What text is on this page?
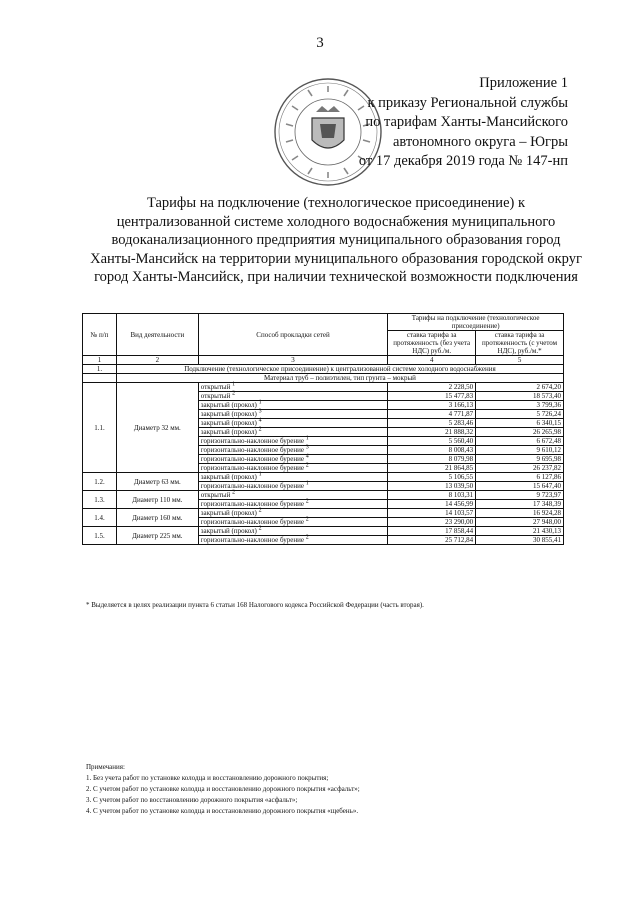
3
Приложение 1
к приказу Региональной службы
по тарифам Ханты-Мансийского
автономного округа – Югры
от 17 декабря 2019 года № 147-нп
Тарифы на подключение (технологическое присоединение) к централизованной системе холодного водоснабжения муниципального водоканализационного предприятия муниципального образования город Ханты-Мансийск на территории муниципального образования городской округ город Ханты-Мансийск, при наличии технической возможности подключения
№ п/п	Вид деятельности	Способ прокладки сетей	Тарифы на подключение (технологическое присоединение)	
			ставка тарифа за протяженность (без учета НДС) руб./м.	ставка тарифа за протяженность (с учетом НДС), руб./м.*
1	2	3	4	5
1.	Подключение (технологическое присоединение) к централизованной системе холодного водоснабжения			
	Материал труб – полиэтилен, тип грунта – мокрый			
1.1.	Диаметр 32 мм.	открытый 1	2 228,50	2 674,20
		открытый 2	15 477,83	18 573,40
		закрытый (прокол) 1	3 166,13	3 799,36
		закрытый (прокол) 3	4 771,87	5 726,24
		закрытый (прокол) 4	5 283,46	6 340,15
		закрытый (прокол) 2	21 888,32	26 265,98
		горизонтально-наклонное бурение 1	5 560,40	6 672,48
		горизонтально-наклонное бурение 3	8 008,43	9 610,12
		горизонтально-наклонное бурение 4	8 079,98	9 695,98
		горизонтально-наклонное бурение 2	21 864,85	26 237,82
1.2.	Диаметр 63 мм.	закрытый (прокол) 1	5 106,55	6 127,86
		горизонтально-наклонное бурение 1	13 039,50	15 647,40
1.3.	Диаметр 110 мм.	открытый 2	8 103,31	9 723,97
		горизонтально-наклонное бурение 2	14 456,99	17 348,39
1.4.	Диаметр 160 мм.	закрытый (прокол) 2	14 103,57	16 924,28
		горизонтально-наклонное бурение 2	23 290,00	27 948,00
1.5.	Диаметр 225 мм.	закрытый (прокол) 2	17 858,44	21 430,13
		горизонтально-наклонное бурение 2	25 712,84	30 855,41
* Выделяется в целях реализации пункта 6 статьи 168 Налогового кодекса Российской Федерации (часть вторая).
Примечания:
1. Без учета работ по установке колодца и восстановлению дорожного покрытия;
2. С учетом работ по установке колодца и восстановлению дорожного покрытия «асфальт»;
3. С учетом работ по восстановлению дорожного покрытия «асфальт»;
4. С учетом работ по установке колодца и восстановлению дорожного покрытия «щебень».
